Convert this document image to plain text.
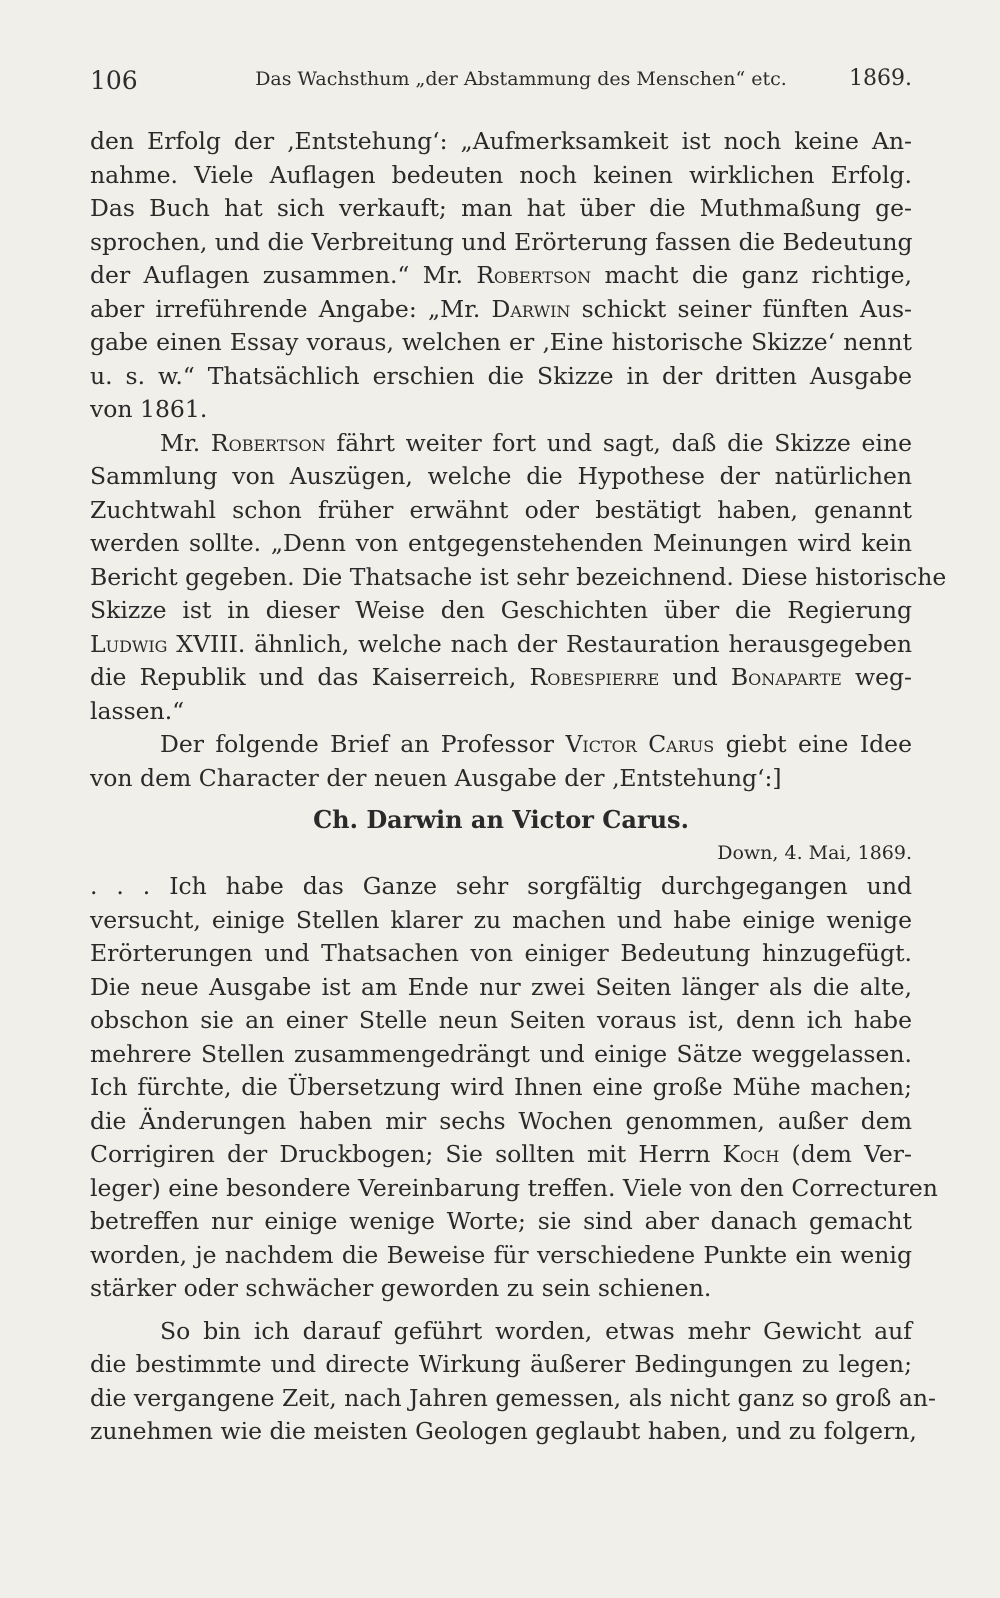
106	Das Wachsthum „der Abstammung des Menschen“ etc.	1869.
den Erfolg der ‚Entstehung‘: „Aufmerksamkeit ist noch keine An-
nahme. Viele Auflagen bedeuten noch keinen wirklichen Erfolg.
Das Buch hat sich verkauft; man hat über die Muthmaßung ge-
sprochen, und die Verbreitung und Erörterung fassen die Bedeutung
der Auflagen zusammen.“ Mr. Robertson macht die ganz richtige,
aber irreführende Angabe: „Mr. Darwin schickt seiner fünften Aus-
gabe einen Essay voraus, welchen er ‚Eine historische Skizze‘ nennt
u. s. w.“ Thatsächlich erschien die Skizze in der dritten Ausgabe
von 1861.
Mr. Robertson fährt weiter fort und sagt, daß die Skizze eine
Sammlung von Auszügen, welche die Hypothese der natürlichen
Zuchtwahl schon früher erwähnt oder bestätigt haben, genannt
werden sollte. „Denn von entgegenstehenden Meinungen wird kein
Bericht gegeben. Die Thatsache ist sehr bezeichnend. Diese historische
Skizze ist in dieser Weise den Geschichten über die Regierung
Ludwig XVIII. ähnlich, welche nach der Restauration herausgegeben
die Republik und das Kaiserreich, Robespierre und Bonaparte weg-
lassen.“
Der folgende Brief an Professor Victor Carus giebt eine Idee
von dem Character der neuen Ausgabe der ‚Entstehung‘:]
Ch. Darwin an Victor Carus.
Down, 4. Mai, 1869.
. . . Ich habe das Ganze sehr sorgfältig durchgegangen und
versucht, einige Stellen klarer zu machen und habe einige wenige
Erörterungen und Thatsachen von einiger Bedeutung hinzugefügt.
Die neue Ausgabe ist am Ende nur zwei Seiten länger als die alte,
obschon sie an einer Stelle neun Seiten voraus ist, denn ich habe
mehrere Stellen zusammengedrängt und einige Sätze weggelassen.
Ich fürchte, die Übersetzung wird Ihnen eine große Mühe machen;
die Änderungen haben mir sechs Wochen genommen, außer dem
Corrigiren der Druckbogen; Sie sollten mit Herrn Koch (dem Ver-
leger) eine besondere Vereinbarung treffen. Viele von den Correcturen
betreffen nur einige wenige Worte; sie sind aber danach gemacht
worden, je nachdem die Beweise für verschiedene Punkte ein wenig
stärker oder schwächer geworden zu sein schienen.
So bin ich darauf geführt worden, etwas mehr Gewicht auf
die bestimmte und directe Wirkung äußerer Bedingungen zu legen;
die vergangene Zeit, nach Jahren gemessen, als nicht ganz so groß an-
zunehmen wie die meisten Geologen geglaubt haben, und zu folgern,
